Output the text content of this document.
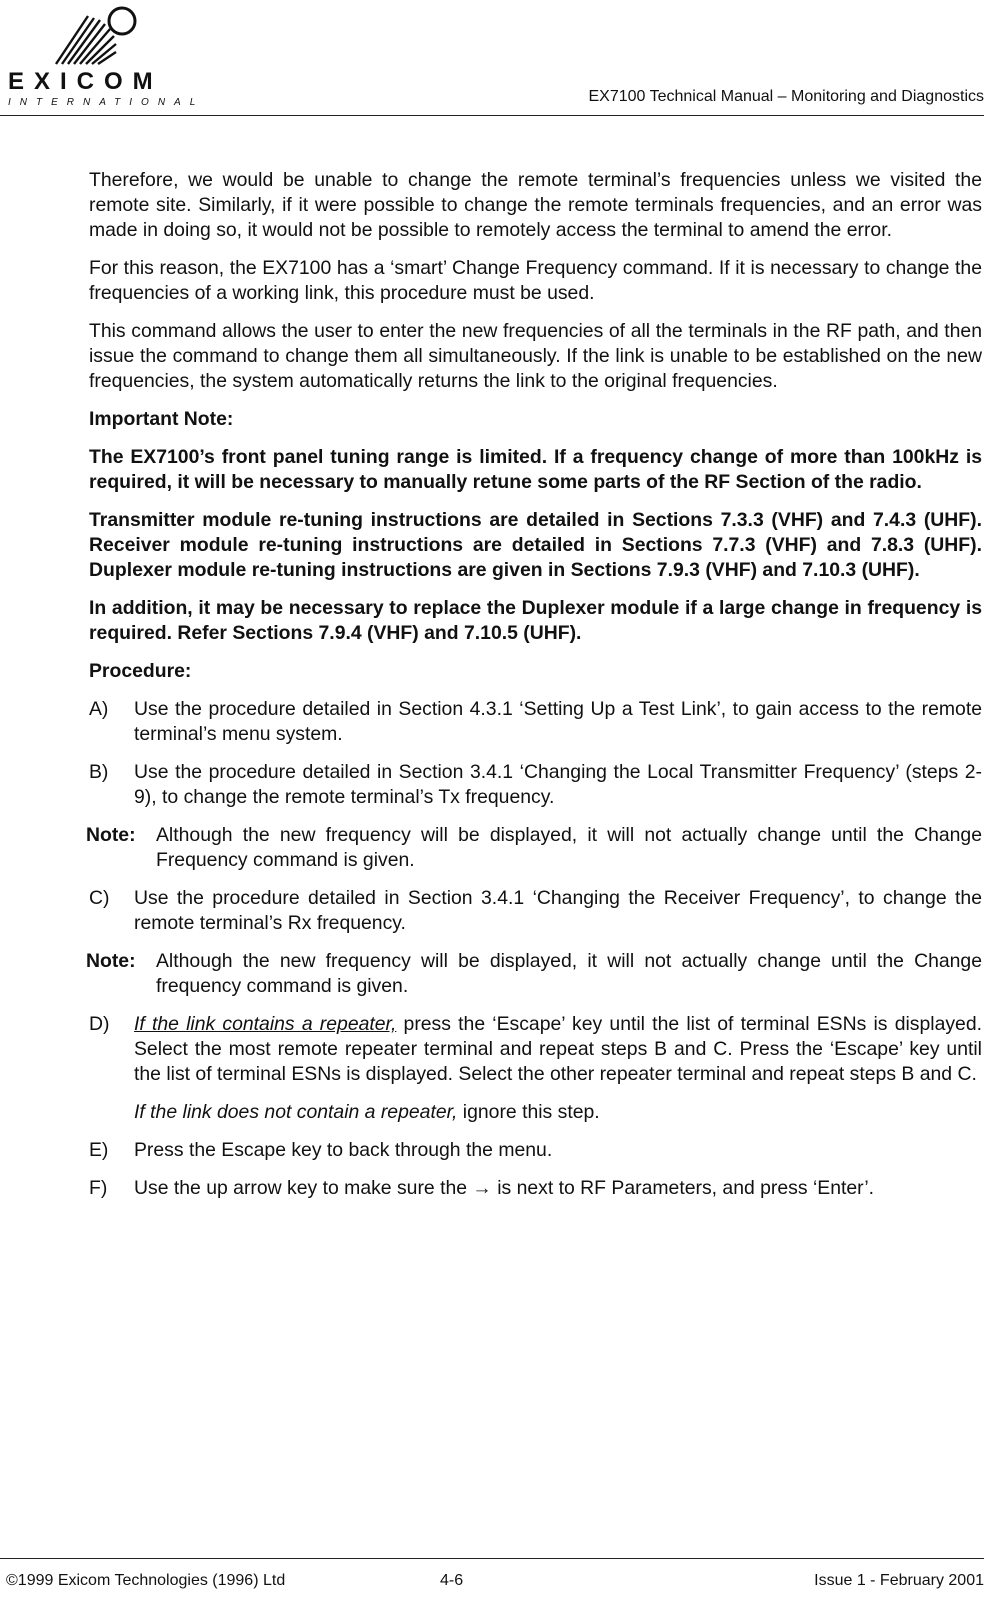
EXICOM
INTERNATIONAL	EX7100 Technical Manual – Monitoring and Diagnostics

Therefore, we would be unable to change the remote terminal’s frequencies unless we visited the remote site. Similarly, if it were possible to change the remote terminals frequencies, and an error was made in doing so, it would not be possible to remotely access the terminal to amend the error.

For this reason, the EX7100 has a ‘smart’ Change Frequency command. If it is necessary to change the frequencies of a working link, this procedure must be used.

This command allows the user to enter the new frequencies of all the terminals in the RF path, and then issue the command to change them all simultaneously. If the link is unable to be established on the new frequencies, the system automatically returns the link to the original frequencies.

Important Note:

The EX7100’s front panel tuning range is limited. If a frequency change of more than 100kHz is required, it will be necessary to manually retune some parts of the RF Section of the radio.

Transmitter module re-tuning instructions are detailed in Sections 7.3.3 (VHF) and 7.4.3 (UHF). Receiver module re-tuning instructions are detailed in Sections 7.7.3 (VHF) and 7.8.3 (UHF). Duplexer module re-tuning instructions are given in Sections 7.9.3 (VHF) and 7.10.3 (UHF).

In addition, it may be necessary to replace the Duplexer module if a large change in frequency is required. Refer Sections 7.9.4 (VHF) and 7.10.5 (UHF).

Procedure:

A)	Use the procedure detailed in Section 4.3.1 ‘Setting Up a Test Link’, to gain access to the remote terminal’s menu system.
B)	Use the procedure detailed in Section 3.4.1 ‘Changing the Local Transmitter Frequency’ (steps 2-9), to change the remote terminal’s Tx frequency.
Note:	Although the new frequency will be displayed, it will not actually change until the Change Frequency command is given.
C)	Use the procedure detailed in Section 3.4.1 ‘Changing the Receiver Frequency’, to change the remote terminal’s Rx frequency.
Note:	Although the new frequency will be displayed, it will not actually change until the Change frequency command is given.
D)	If the link contains a repeater, press the ‘Escape’ key until the list of terminal ESNs is displayed. Select the most remote repeater terminal and repeat steps B and C. Press the ‘Escape’ key until the list of terminal ESNs is displayed. Select the other repeater terminal and repeat steps B and C.
If the link does not contain a repeater, ignore this step.
E)	Press the Escape key to back through the menu.
F)	Use the up arrow key to make sure the → is next to RF Parameters, and press ‘Enter’.
©1999 Exicom Technologies (1996) Ltd	4-6	Issue 1 - February 2001
